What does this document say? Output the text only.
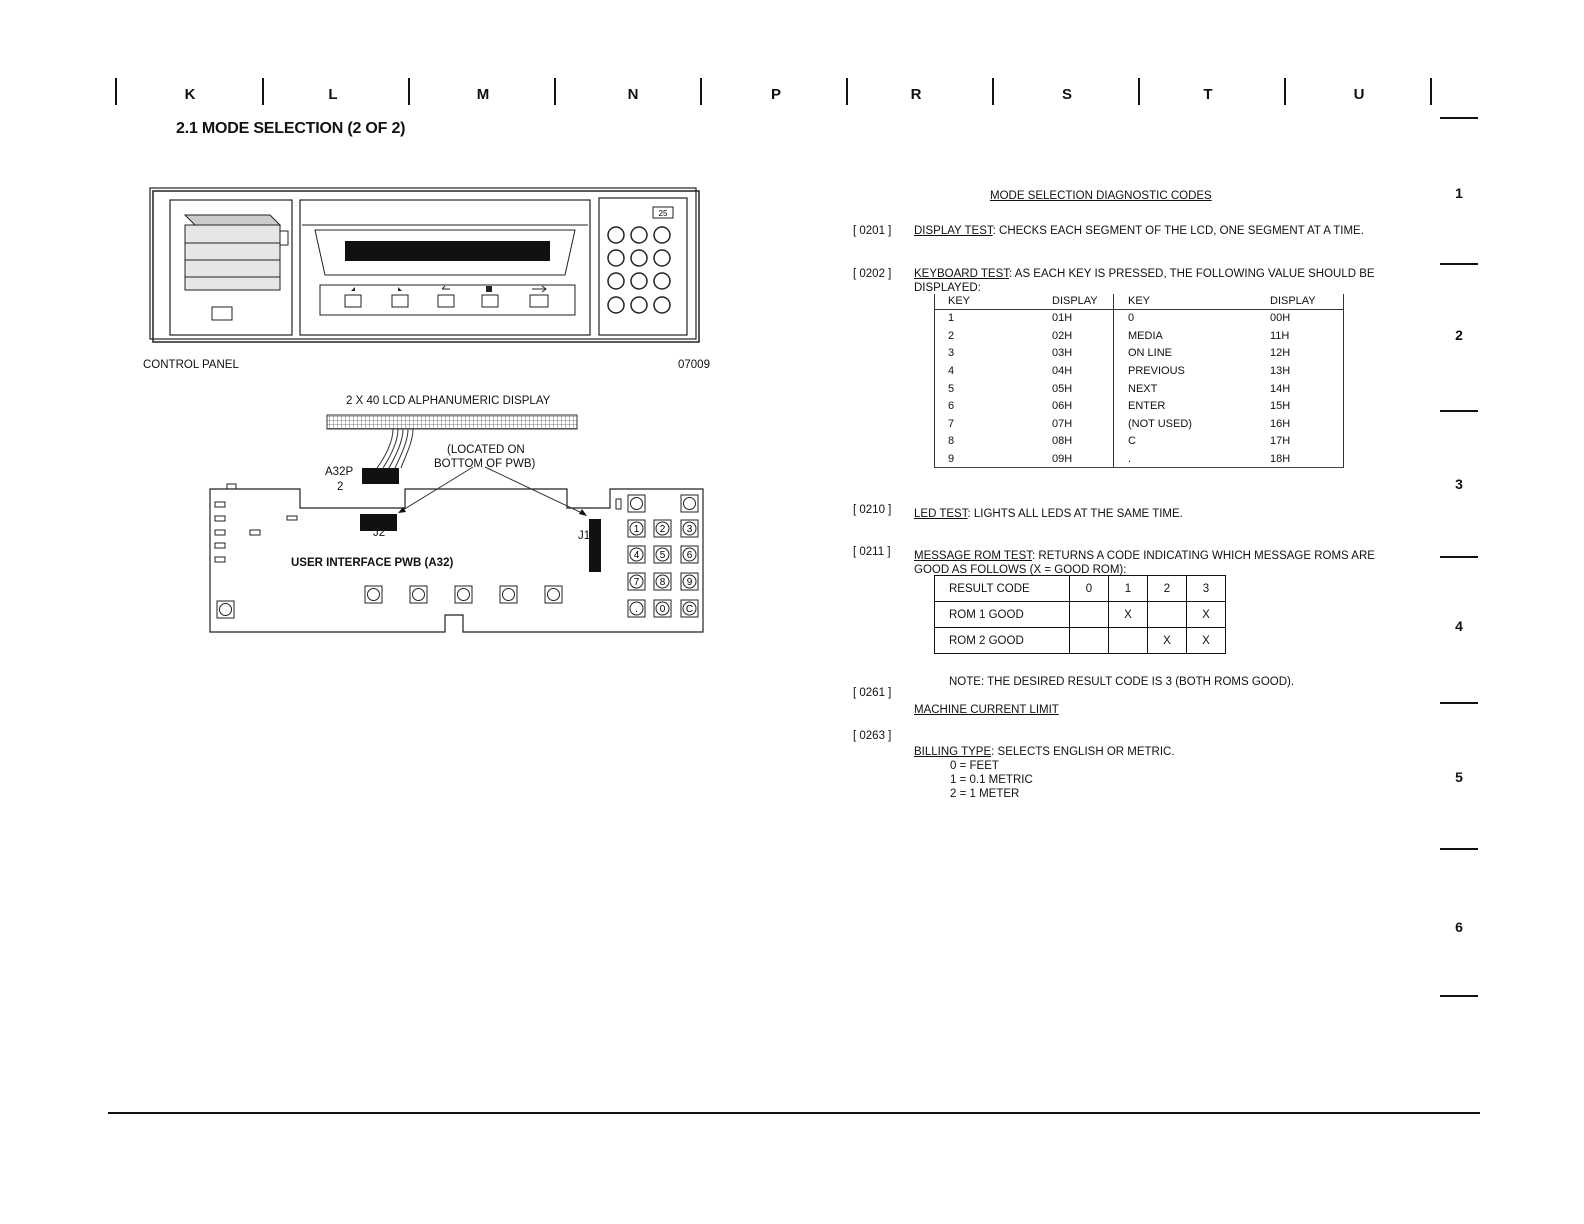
K	L	M	N	P	R	S	T	U
1
2
3
4
5
6
2.1 MODE SELECTION (2 OF 2)
25
CONTROL PANEL	07009
2 X 40 LCD ALPHANUMERIC DISPLAY
1 2 3
4 5 6
7 8 9
. 0 C
(LOCATED ON
BOTTOM OF PWB)
A32P
2
J2	J1
USER INTERFACE PWB (A32)
MODE SELECTION DIAGNOSTIC CODES
[ 0201 ] DISPLAY TEST: CHECKS EACH SEGMENT OF THE LCD, ONE SEGMENT AT A TIME.
[ 0202 ] KEYBOARD TEST: AS EACH KEY IS PRESSED, THE FOLLOWING VALUE SHOULD BE
DISPLAYED:
KEY	DISPLAY	KEY	DISPLAY
1	01H	0	00H
2	02H	MEDIA	11H
3	03H	ON LINE	12H
4	04H	PREVIOUS	13H
5	05H	NEXT	14H
6	06H	ENTER	15H
7	07H	(NOT USED)	16H
8	08H	C	17H
9	09H	.	18H
[ 0210 ] LED TEST: LIGHTS ALL LEDS AT THE SAME TIME.
[ 0211 ] MESSAGE ROM TEST: RETURNS A CODE INDICATING WHICH MESSAGE ROMS ARE
GOOD AS FOLLOWS (X = GOOD ROM):
RESULT CODE	0	1	2	3
ROM 1 GOOD		X		X
ROM 2 GOOD			X	X
NOTE: THE DESIRED RESULT CODE IS 3 (BOTH ROMS GOOD).
[ 0261 ]
MACHINE CURRENT LIMIT
[ 0263 ]
BILLING TYPE: SELECTS ENGLISH OR METRIC.
0 = FEET
1 = 0.1 METRIC
2 = 1 METER
